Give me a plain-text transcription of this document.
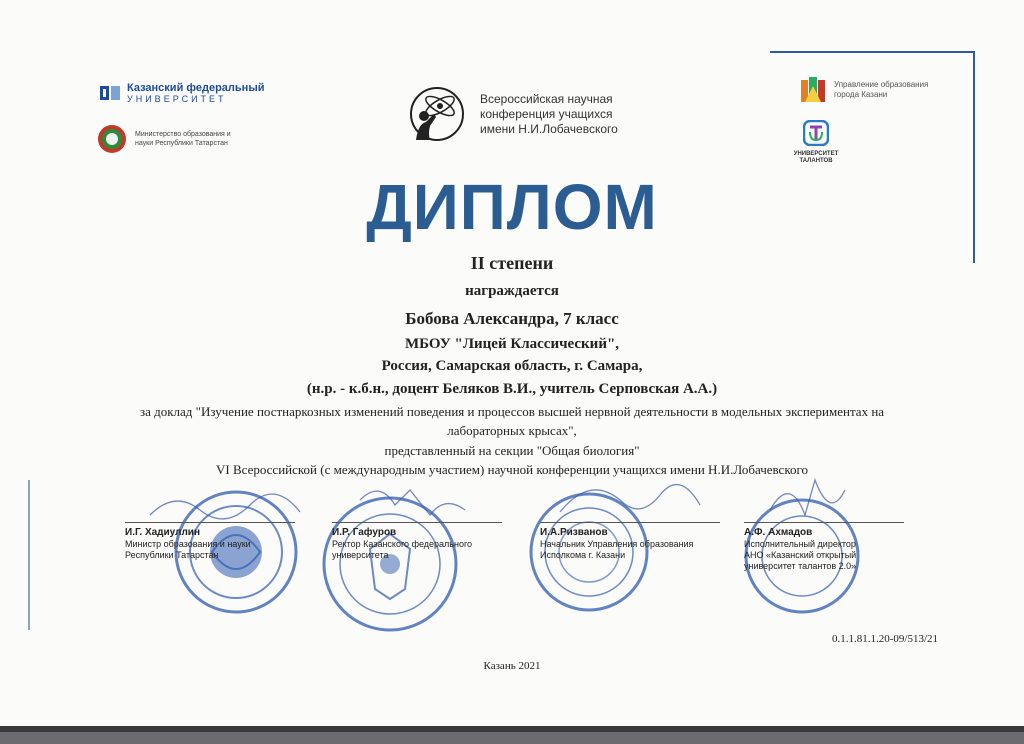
Казанский федеральный
УНИВЕРСИТЕТ
Министерство образования и науки Республики Татарстан
Всероссийская научная
конференция учащихся
имени Н.И.Лобачевского
Управление образования
города Казани
УНИВЕРСИТЕТ
ТАЛАНТОВ
ДИПЛОМ
II степени
награждается
Бобова Александра, 7 класс
МБОУ "Лицей Классический",
Россия, Самарская область, г. Самара,
(н.р. - к.б.н., доцент Беляков В.И., учитель Серповская А.А.)
за доклад "Изучение постнаркозных изменений поведения и процессов высшей нервной деятельности в модельных экспериментах на
лабораторных крысах",
представленный на секции "Общая биология"
VI Всероссийской (с международным участием) научной конференции учащихся имени Н.И.Лобачевского
И.Г. Хадиуллин
Министр образования и науки
Республики Татарстан
И.Р. Гафуров
Ректор Казанского федерального
университета
И.А.Ризванов
Начальник Управления образования
Исполкома г. Казани
А.Ф. Ахмадов
Исполнительный директор
АНО «Казанский открытый
университет талантов 2.0»
0.1.1.81.1.20-09/513/21
Казань 2021
